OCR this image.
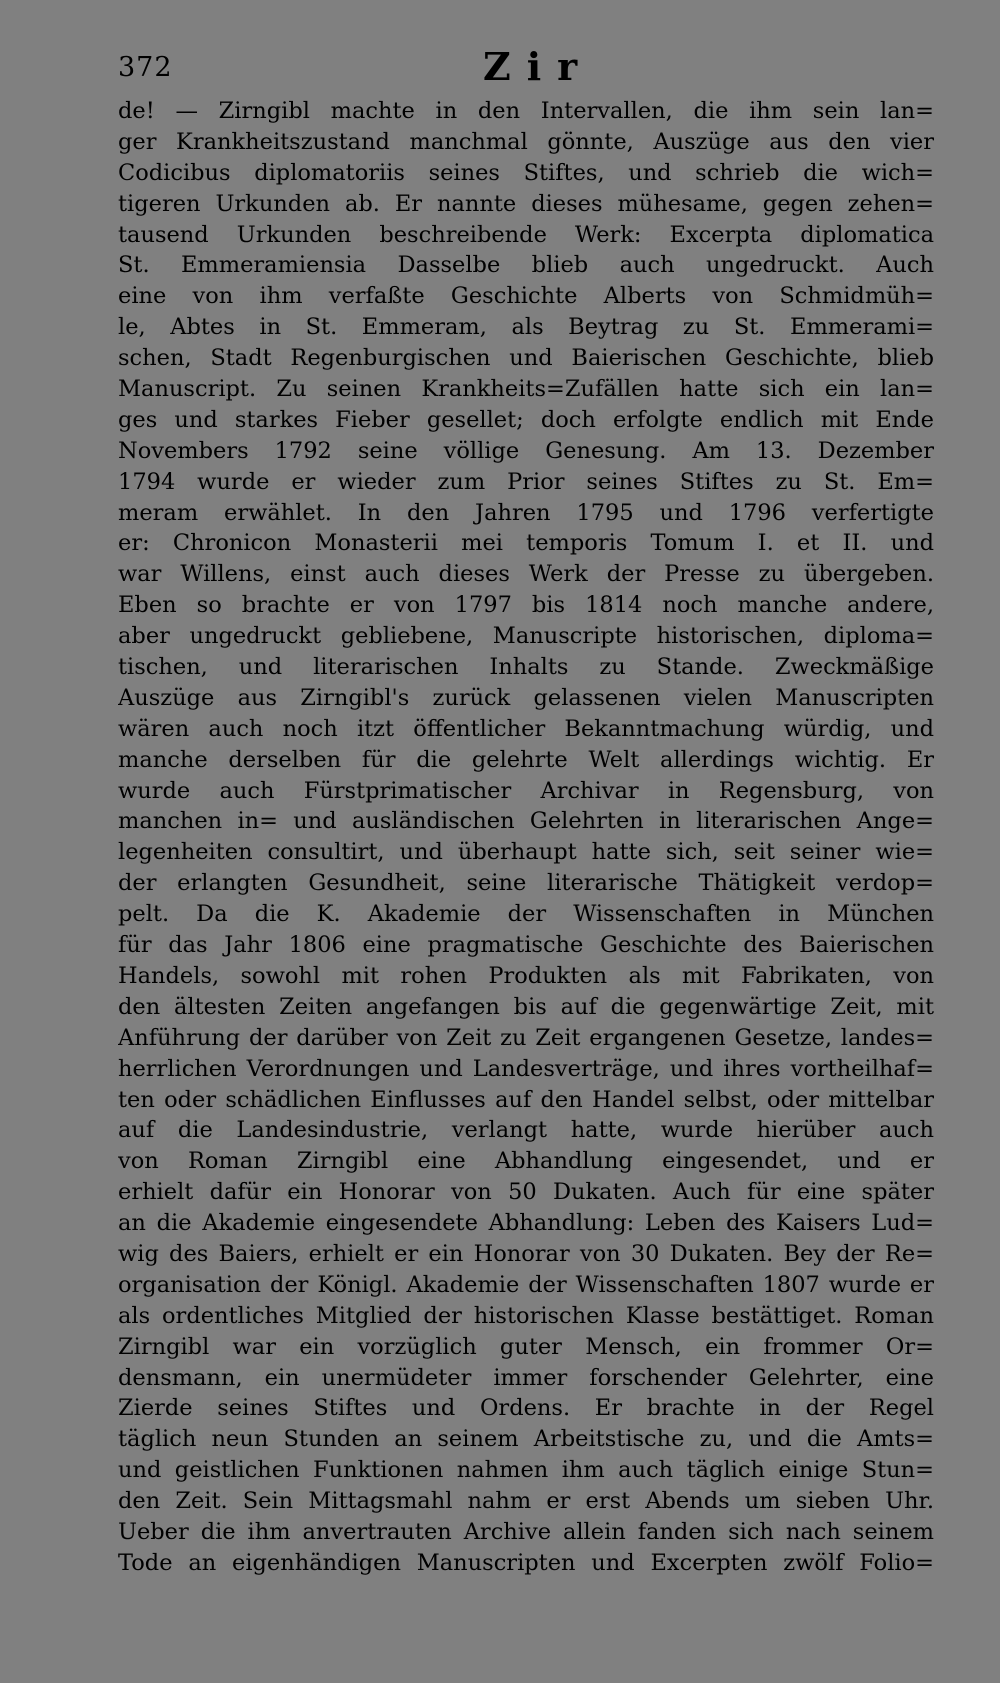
372	Zir
de! — Zirngibl machte in den Intervallen, die ihm sein lan=
ger Krankheitszustand manchmal gönnte, Auszüge aus den vier
Codicibus diplomatoriis seines Stiftes, und schrieb die wich=
tigeren Urkunden ab. Er nannte dieses mühesame, gegen zehen=
tausend Urkunden beschreibende Werk: Excerpta diplomatica
St. Emmeramiensia Dasselbe blieb auch ungedruckt. Auch
eine von ihm verfaßte Geschichte Alberts von Schmidmüh=
le, Abtes in St. Emmeram, als Beytrag zu St. Emmerami=
schen, Stadt Regenburgischen und Baierischen Geschichte, blieb
Manuscript. Zu seinen Krankheits=Zufällen hatte sich ein lan=
ges und starkes Fieber gesellet; doch erfolgte endlich mit Ende
Novembers 1792 seine völlige Genesung. Am 13. Dezember
1794 wurde er wieder zum Prior seines Stiftes zu St. Em=
meram erwählet. In den Jahren 1795 und 1796 verfertigte
er: Chronicon Monasterii mei temporis Tomum I. et II. und
war Willens, einst auch dieses Werk der Presse zu übergeben.
Eben so brachte er von 1797 bis 1814 noch manche andere,
aber ungedruckt gebliebene, Manuscripte historischen, diploma=
tischen, und literarischen Inhalts zu Stande. Zweckmäßige
Auszüge aus Zirngibl's zurück gelassenen vielen Manuscripten
wären auch noch itzt öffentlicher Bekanntmachung würdig, und
manche derselben für die gelehrte Welt allerdings wichtig. Er
wurde auch Fürstprimatischer Archivar in Regensburg, von
manchen in= und ausländischen Gelehrten in literarischen Ange=
legenheiten consultirt, und überhaupt hatte sich, seit seiner wie=
der erlangten Gesundheit, seine literarische Thätigkeit verdop=
pelt. Da die K. Akademie der Wissenschaften in München
für das Jahr 1806 eine pragmatische Geschichte des Baierischen
Handels, sowohl mit rohen Produkten als mit Fabrikaten, von
den ältesten Zeiten angefangen bis auf die gegenwärtige Zeit, mit
Anführung der darüber von Zeit zu Zeit ergangenen Gesetze, landes=
herrlichen Verordnungen und Landesverträge, und ihres vortheilhaf=
ten oder schädlichen Einflusses auf den Handel selbst, oder mittelbar
auf die Landesindustrie, verlangt hatte, wurde hierüber auch
von Roman Zirngibl eine Abhandlung eingesendet, und er
erhielt dafür ein Honorar von 50 Dukaten. Auch für eine später
an die Akademie eingesendete Abhandlung: Leben des Kaisers Lud=
wig des Baiers, erhielt er ein Honorar von 30 Dukaten. Bey der Re=
organisation der Königl. Akademie der Wissenschaften 1807 wurde er
als ordentliches Mitglied der historischen Klasse bestättiget. Roman
Zirngibl war ein vorzüglich guter Mensch, ein frommer Or=
densmann, ein unermüdeter immer forschender Gelehrter, eine
Zierde seines Stiftes und Ordens. Er brachte in der Regel
täglich neun Stunden an seinem Arbeitstische zu, und die Amts=
und geistlichen Funktionen nahmen ihm auch täglich einige Stun=
den Zeit. Sein Mittagsmahl nahm er erst Abends um sieben Uhr.
Ueber die ihm anvertrauten Archive allein fanden sich nach seinem
Tode an eigenhändigen Manuscripten und Excerpten zwölf Folio=
